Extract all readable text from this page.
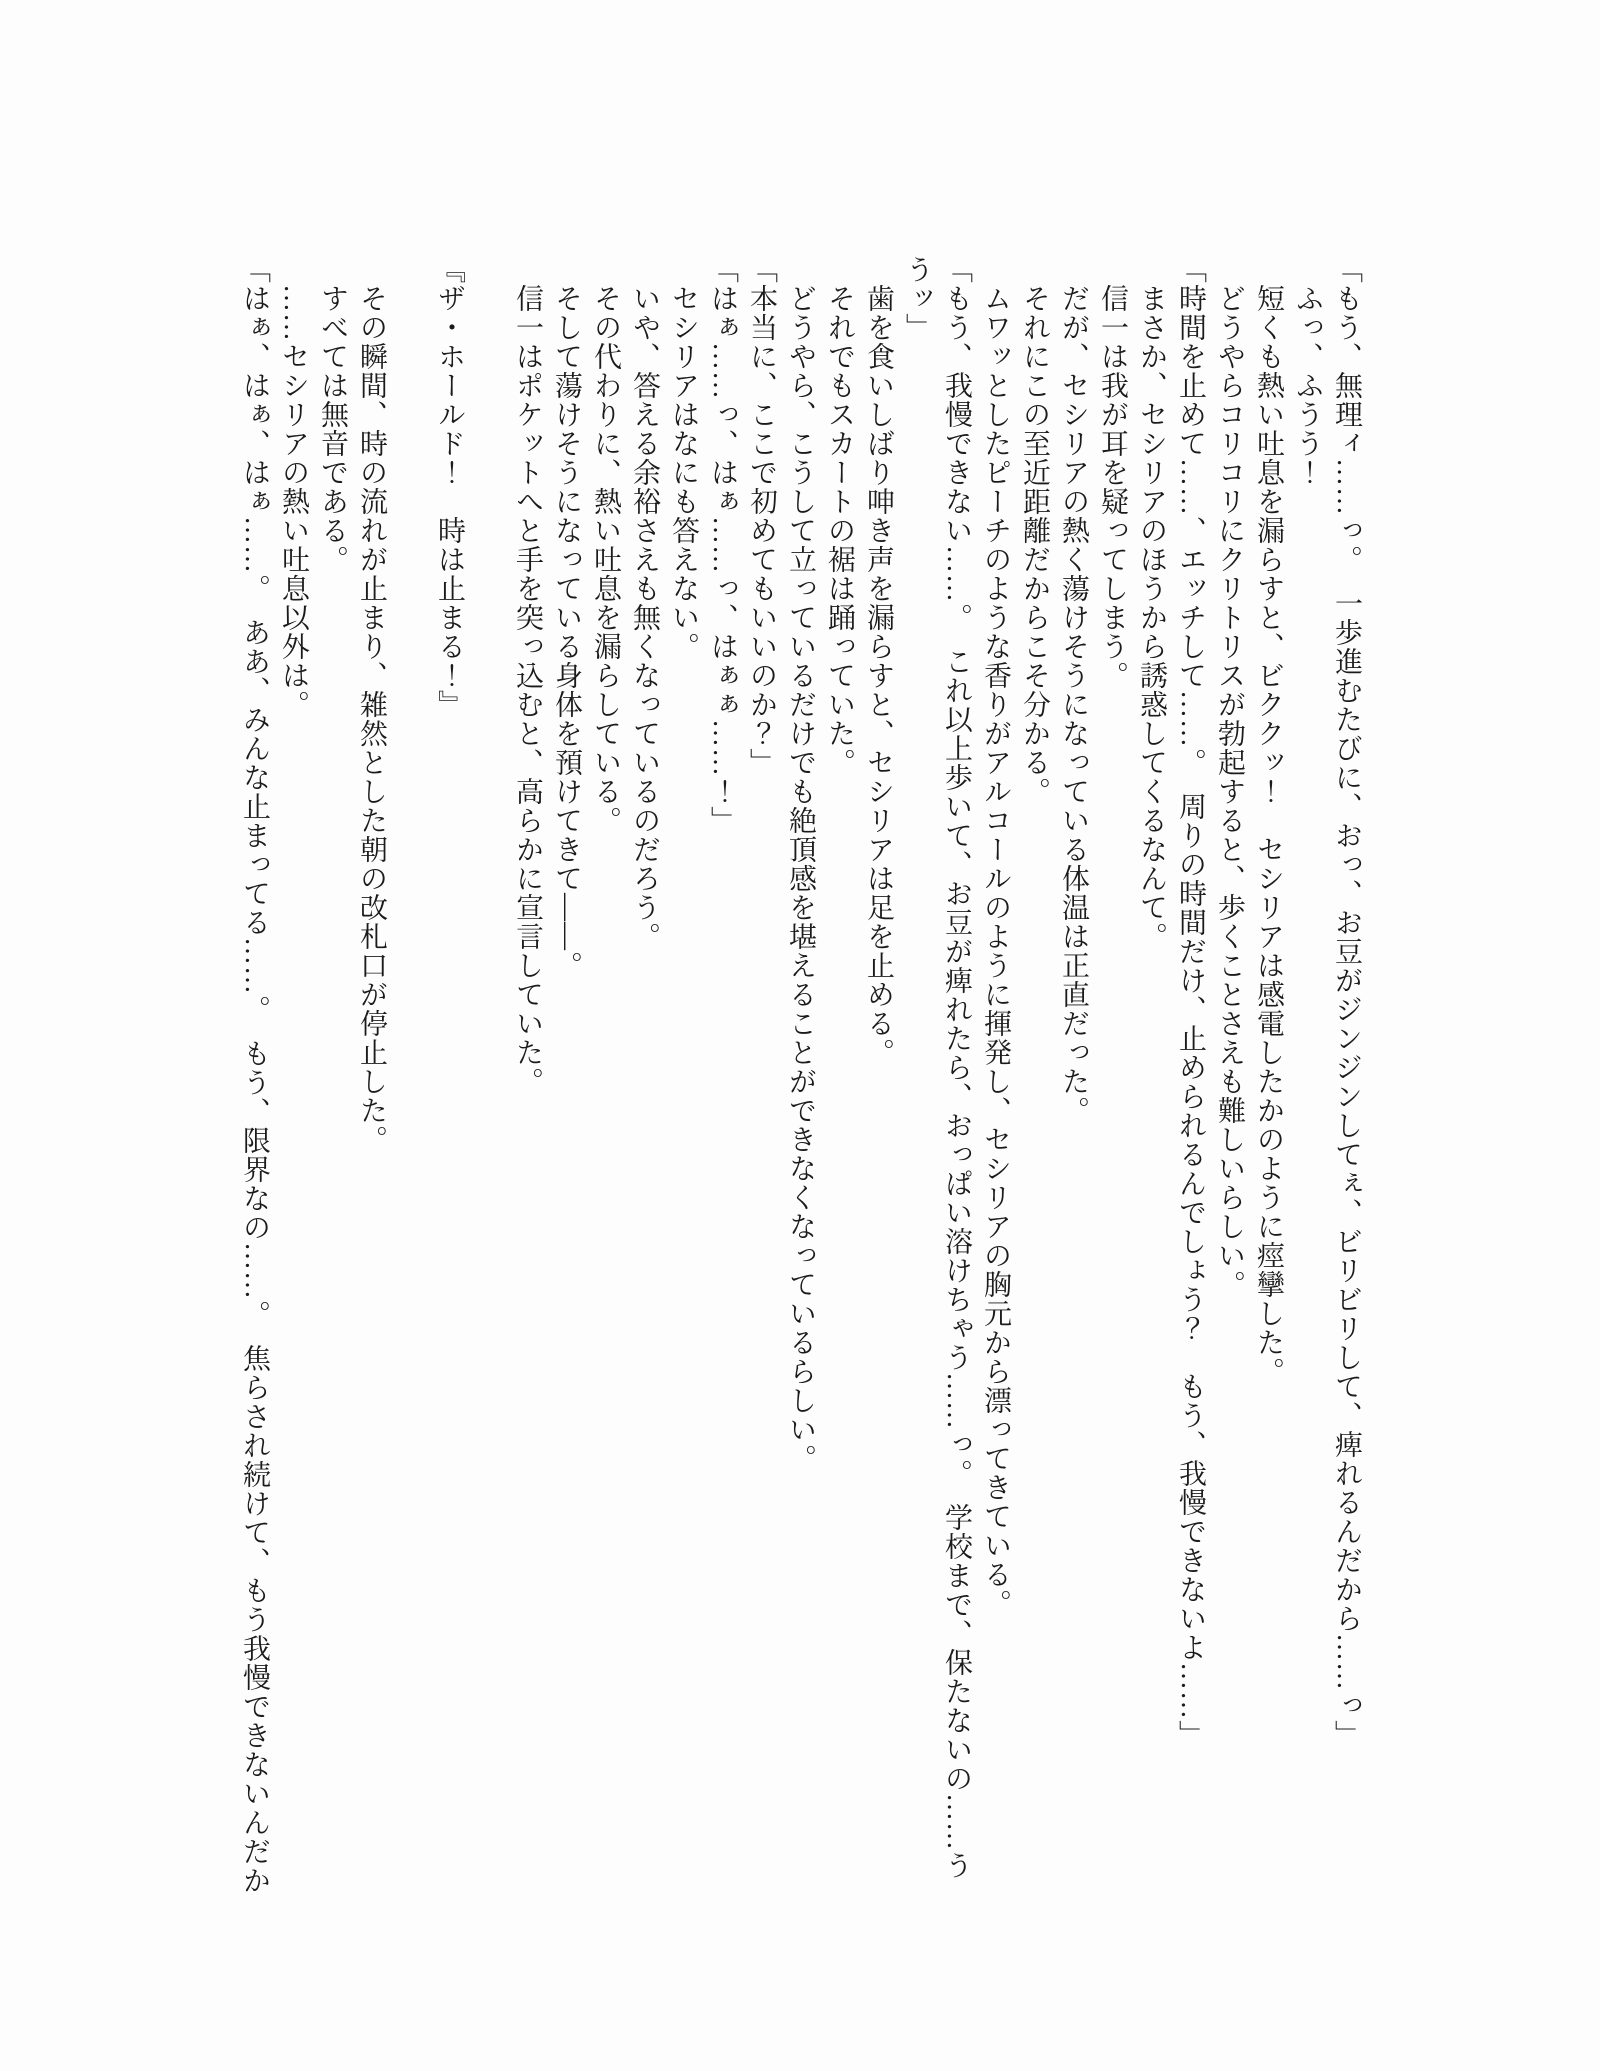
「もう、無理ィ……っ。　一歩進むたびに、おっ、お豆がジンジンしてぇ、ビリビリして、痺れるんだから……っ」

ふっ、ふうう！

短くも熱い吐息を漏らすと、ビククッ！　セシリアは感電したかのように痙攣した。

どうやらコリコリにクリトリスが勃起すると、歩くことさえも難しいらしい。

「時間を止めて……、エッチして……。　周りの時間だけ、止められるんでしょう？　もう、我慢できないよ……」

まさか、セシリアのほうから誘惑してくるなんて。

信一は我が耳を疑ってしまう。

だが、セシリアの熱く蕩けそうになっている体温は正直だった。

それにこの至近距離だからこそ分かる。

ムワッとしたピーチのような香りがアルコールのように揮発し、セシリアの胸元から漂ってきている。

「もう、我慢できない……。　これ以上歩いて、お豆が痺れたら、おっぱい溶けちゃう……っ。　学校まで、保たないの……う

うッ」

歯を食いしばり呻き声を漏らすと、セシリアは足を止める。

それでもスカートの裾は踊っていた。

どうやら、こうして立っているだけでも絶頂感を堪えることができなくなっているらしい。

「本当に、ここで初めてもいいのか？」

「はぁ……っ、はぁ……っ、はぁぁ……！」

セシリアはなにも答えない。

いや、答える余裕さえも無くなっているのだろう。

その代わりに、熱い吐息を漏らしている。

そして蕩けそうになっている身体を預けてきて――。

信一はポケットへと手を突っ込むと、高らかに宣言していた。

『ザ・ホールド！　時は止まる！』

その瞬間、時の流れが止まり、雑然とした朝の改札口が停止した。

すべては無音である。

……セシリアの熱い吐息以外は。

「はぁ、はぁ、はぁ……。　ああ、みんな止まってる……。　もう、限界なの……。　焦らされ続けて、もう我慢できないんだか
